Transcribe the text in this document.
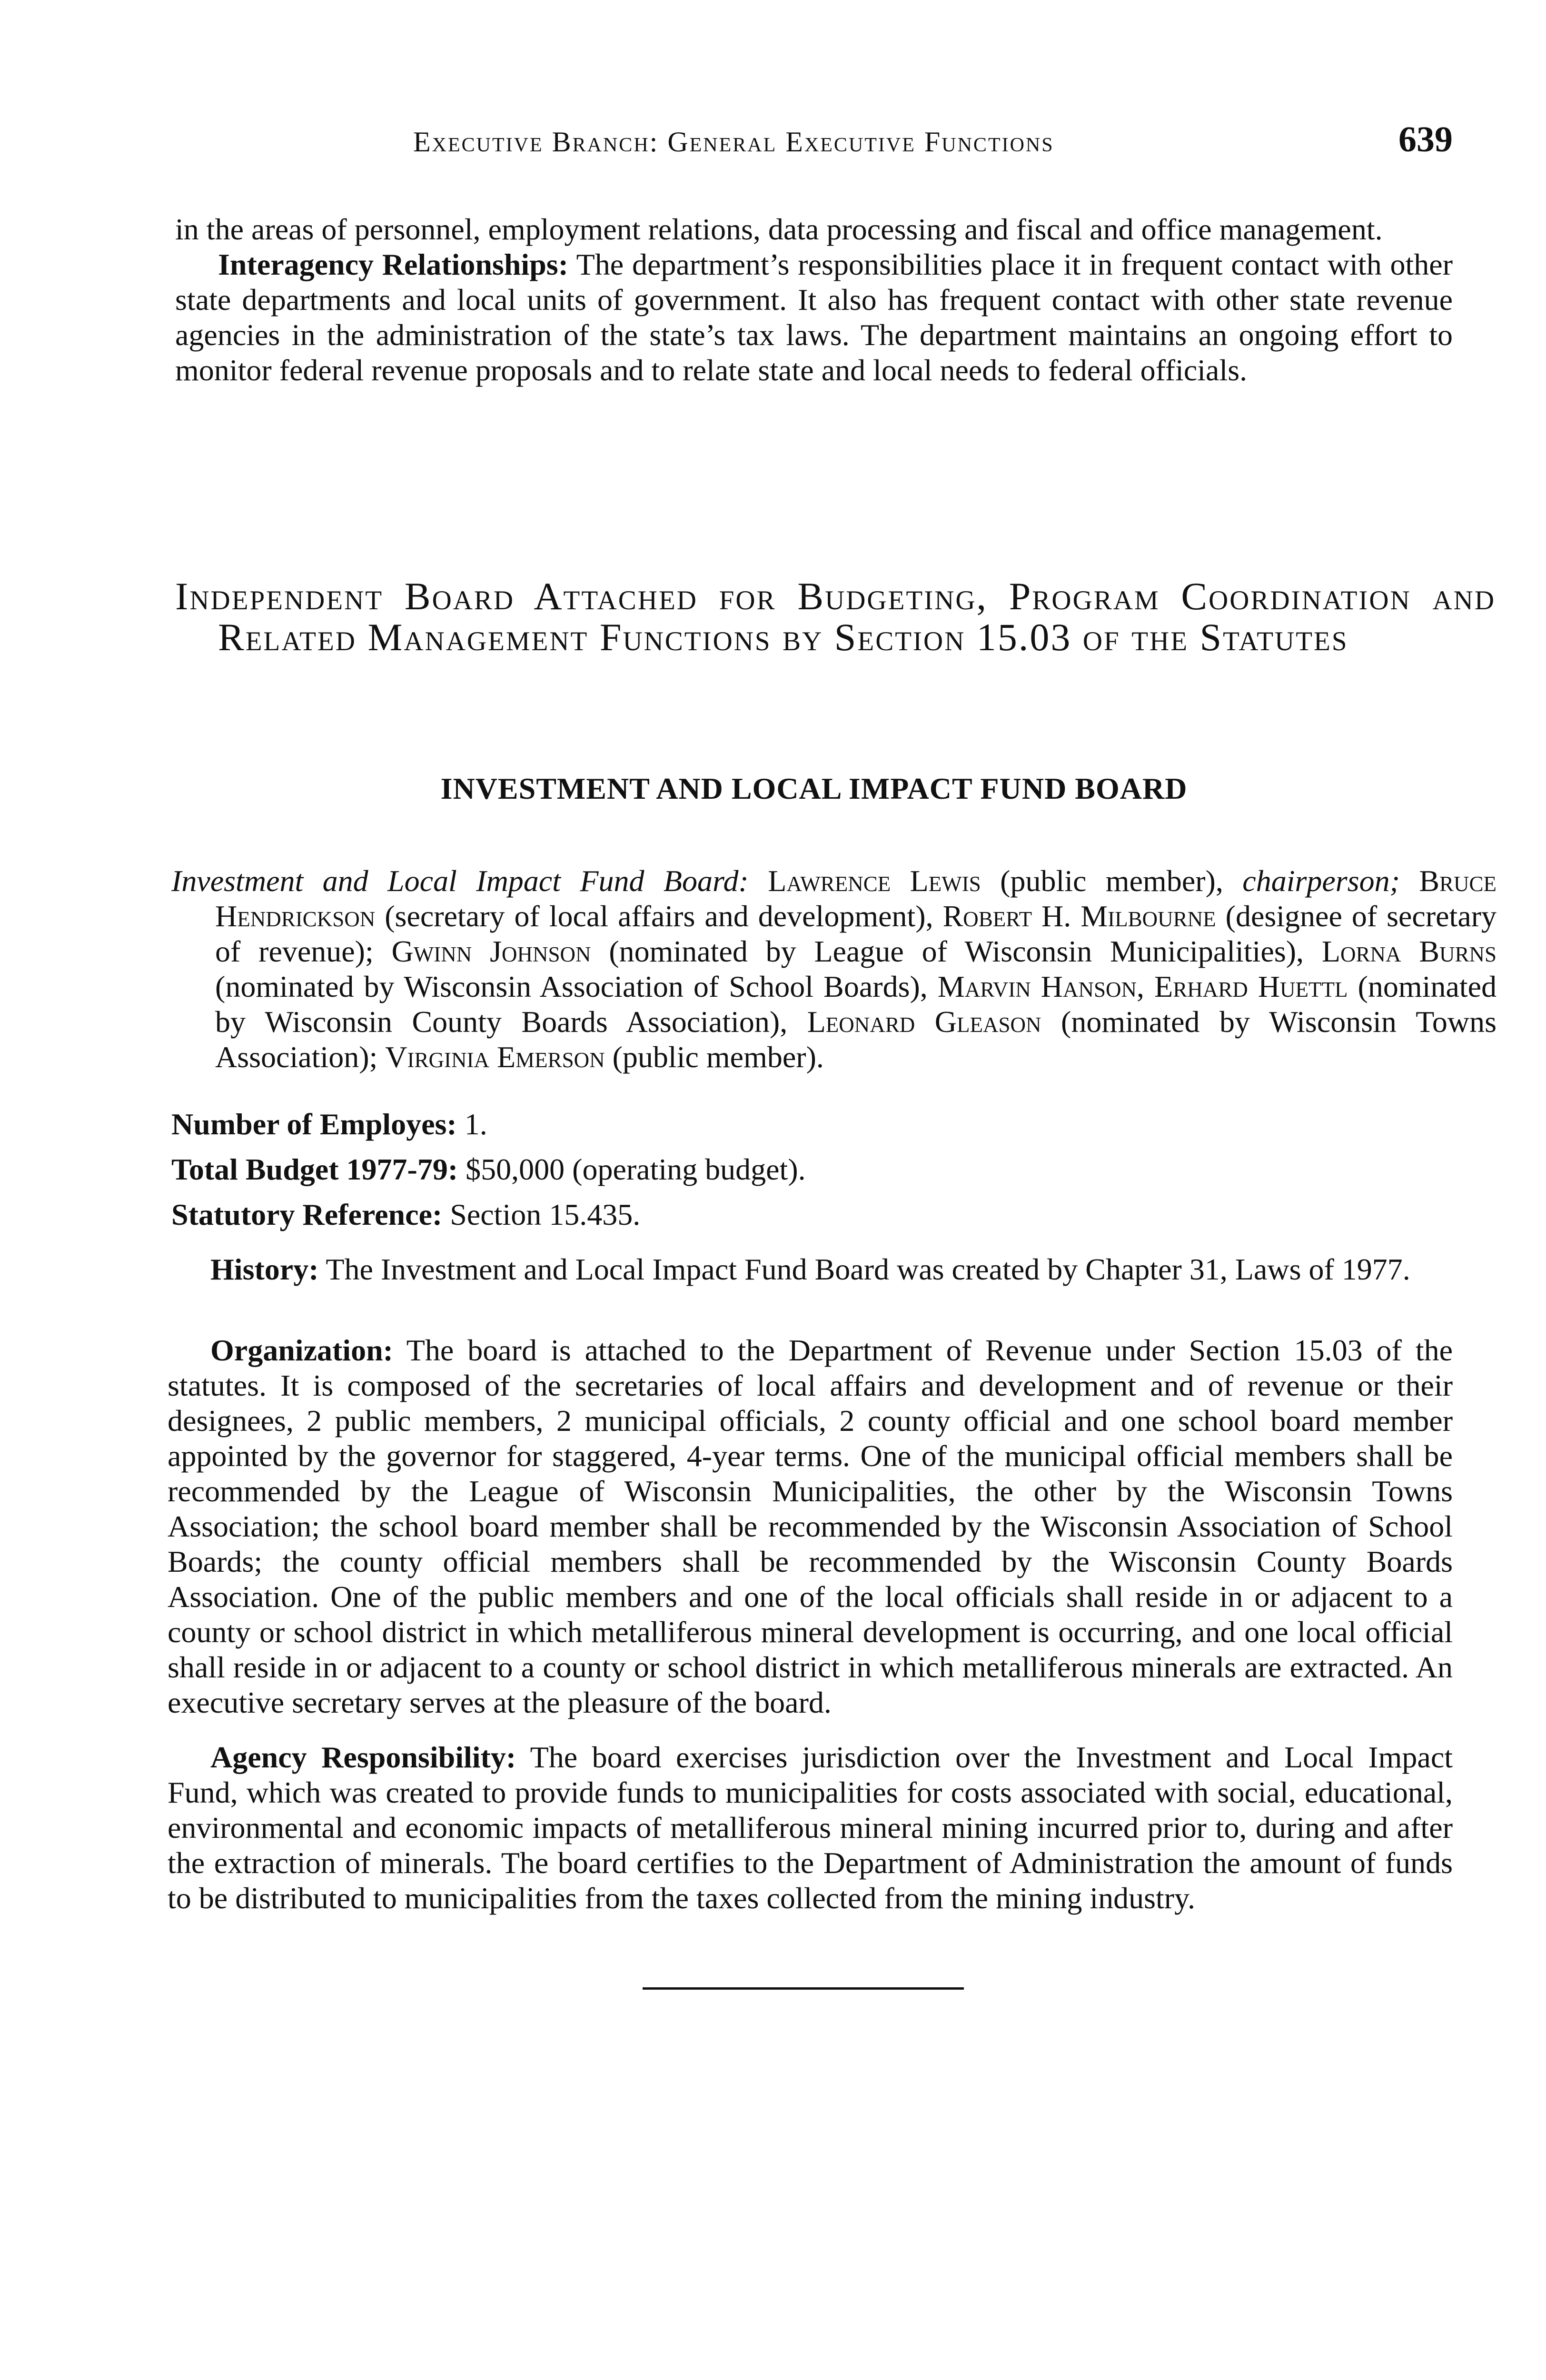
Executive Branch: General Executive Functions	639

in the areas of personnel, employment relations, data processing and fiscal and office management.

Interagency Relationships: The department’s responsibilities place it in frequent contact with other state departments and local units of government. It also has frequent contact with other state revenue agencies in the administration of the state’s tax laws. The department maintains an ongoing effort to monitor federal revenue proposals and to relate state and local needs to federal officials.

Independent Board Attached for Budgeting, Program Coordination and Related Management Functions by Section 15.03 of the Statutes
INVESTMENT AND LOCAL IMPACT FUND BOARD

Investment and Local Impact Fund Board: Lawrence Lewis (public member), chairperson; Bruce Hendrickson (secretary of local affairs and development), Robert H. Milbourne (designee of secretary of revenue); Gwinn Johnson (nominated by League of Wisconsin Municipalities), Lorna Burns (nominated by Wisconsin Association of School Boards), Marvin Hanson, Erhard Huettl (nominated by Wisconsin County Boards Association), Leonard Gleason (nominated by Wisconsin Towns Association); Virginia Emerson (public member).

Number of Employes: 1.
Total Budget 1977-79: $50,000 (operating budget).
Statutory Reference: Section 15.435.

History: The Investment and Local Impact Fund Board was created by Chapter 31, Laws of 1977.

Organization: The board is attached to the Department of Revenue under Section 15.03 of the statutes. It is composed of the secretaries of local affairs and development and of revenue or their designees, 2 public members, 2 municipal officials, 2 county official and one school board member appointed by the governor for staggered, 4-year terms. One of the municipal official members shall be recommended by the League of Wisconsin Municipalities, the other by the Wisconsin Towns Association; the school board member shall be recommended by the Wisconsin Association of School Boards; the county official members shall be recommended by the Wisconsin County Boards Association. One of the public members and one of the local officials shall reside in or adjacent to a county or school district in which metalliferous mineral development is occurring, and one local official shall reside in or adjacent to a county or school district in which metalliferous minerals are extracted. An executive secretary serves at the pleasure of the board.

Agency Responsibility: The board exercises jurisdiction over the Investment and Local Impact Fund, which was created to provide funds to municipalities for costs associated with social, educational, environmental and economic impacts of metalliferous mineral mining incurred prior to, during and after the extraction of minerals. The board certifies to the Department of Administration the amount of funds to be distributed to municipalities from the taxes collected from the mining industry.
